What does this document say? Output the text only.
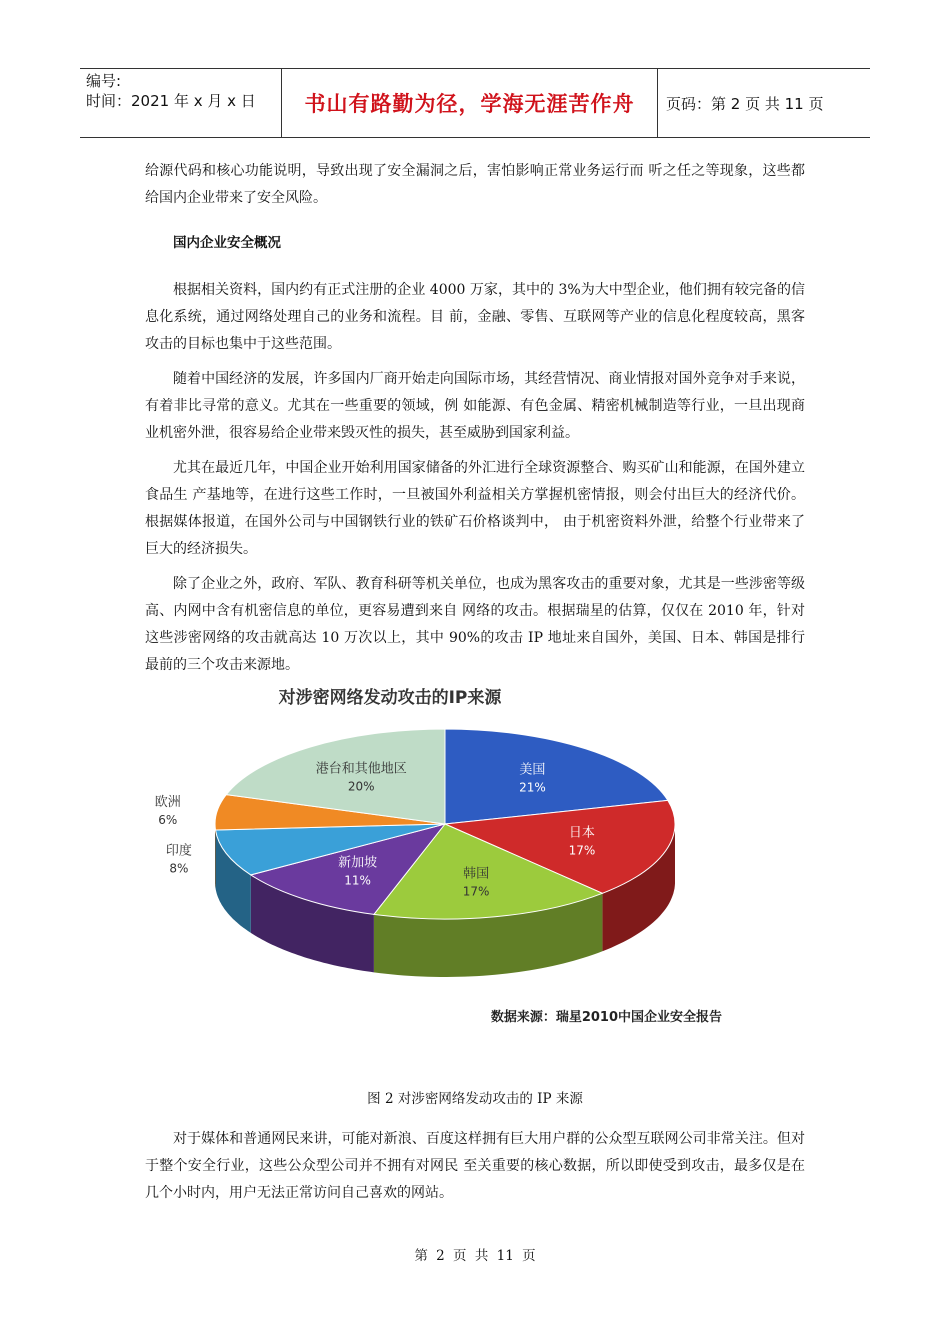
编号:
时间：2021 年 x 月 x 日	书山有路勤为径，学海无涯苦作舟 页码：第 2 页 共 11 页

给源代码和核心功能说明，导致出现了安全漏洞之后，害怕影响正常业务运行而 听之任之等现象，这些都给国内企业带来了安全风险。

国内企业安全概况

根据相关资料，国内约有正式注册的企业 4000 万家，其中的 3%为大中型企业，他们拥有较完备的信息化系统，通过网络处理自己的业务和流程。目 前，金融、零售、互联网等产业的信息化程度较高，黑客攻击的目标也集中于这些范围。

随着中国经济的发展，许多国内厂商开始走向国际市场，其经营情况、商业情报对国外竞争对手来说，有着非比寻常的意义。尤其在一些重要的领域，例 如能源、有色金属、精密机械制造等行业，一旦出现商业机密外泄，很容易给企业带来毁灭性的损失，甚至威胁到国家利益。

尤其在最近几年，中国企业开始利用国家储备的外汇进行全球资源整合、购买矿山和能源，在国外建立食品生 产基地等，在进行这些工作时，一旦被国外利益相关方掌握机密情报，则会付出巨大的经济代价。根据媒体报道，在国外公司与中国钢铁行业的铁矿石价格谈判中， 由于机密资料外泄，给整个行业带来了巨大的经济损失。

除了企业之外，政府、军队、教育科研等机关单位，也成为黑客攻击的重要对象，尤其是一些涉密等级高、内网中含有机密信息的单位，更容易遭到来自 网络的攻击。根据瑞星的估算，仅仅在 2010 年，针对这些涉密网络的攻击就高达 10 万次以上，其中 90%的攻击 IP 地址来自国外，美国、日本、韩国是排行最前的三个攻击来源地。

对涉密网络发动攻击的IP来源
美国
21%
日本
17%
韩国
17%
新加坡
11%
印度
8%
欧洲
6%
港台和其他地区
20%
数据来源：瑞星2010中国企业安全报告
图 2 对涉密网络发动攻击的 IP 来源

对于媒体和普通网民来讲，可能对新浪、百度这样拥有巨大用户群的公众型互联网公司非常关注。但对于整个安全行业，这些公众型公司并不拥有对网民 至关重要的核心数据，所以即使受到攻击，最多仅是在几个小时内，用户无法正常访问自己喜欢的网站。

第 2 页 共 11 页
